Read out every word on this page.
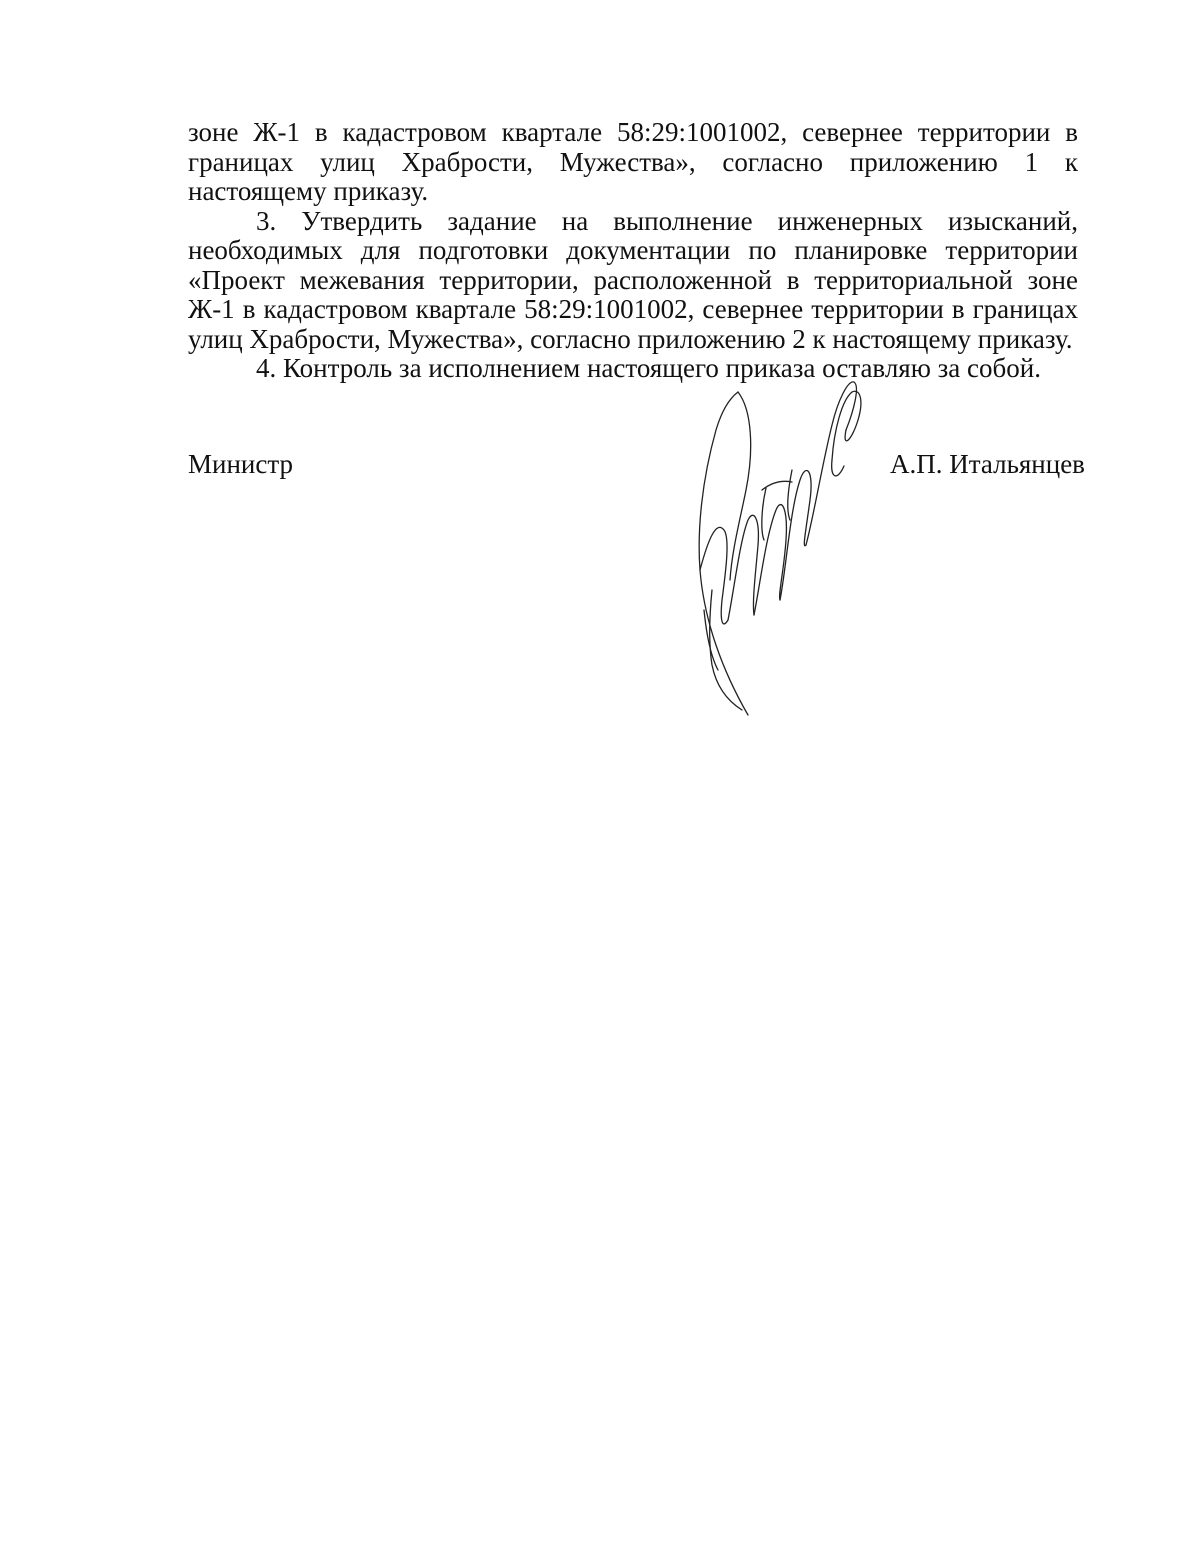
зоне Ж-1 в кадастровом квартале 58:29:1001002, севернее территории в границах улиц Храбрости, Мужества», согласно приложению 1 к настоящему приказу.

3. Утвердить задание на выполнение инженерных изысканий, необходимых для подготовки документации по планировке территории «Проект межевания территории, расположенной в территориальной зоне Ж-1 в кадастровом квартале 58:29:1001002, севернее территории в границах улиц Храбрости, Мужества», согласно приложению 2 к настоящему приказу.

4. Контроль за исполнением настоящего приказа оставляю за собой.

Министр	А.П. Итальянцев
